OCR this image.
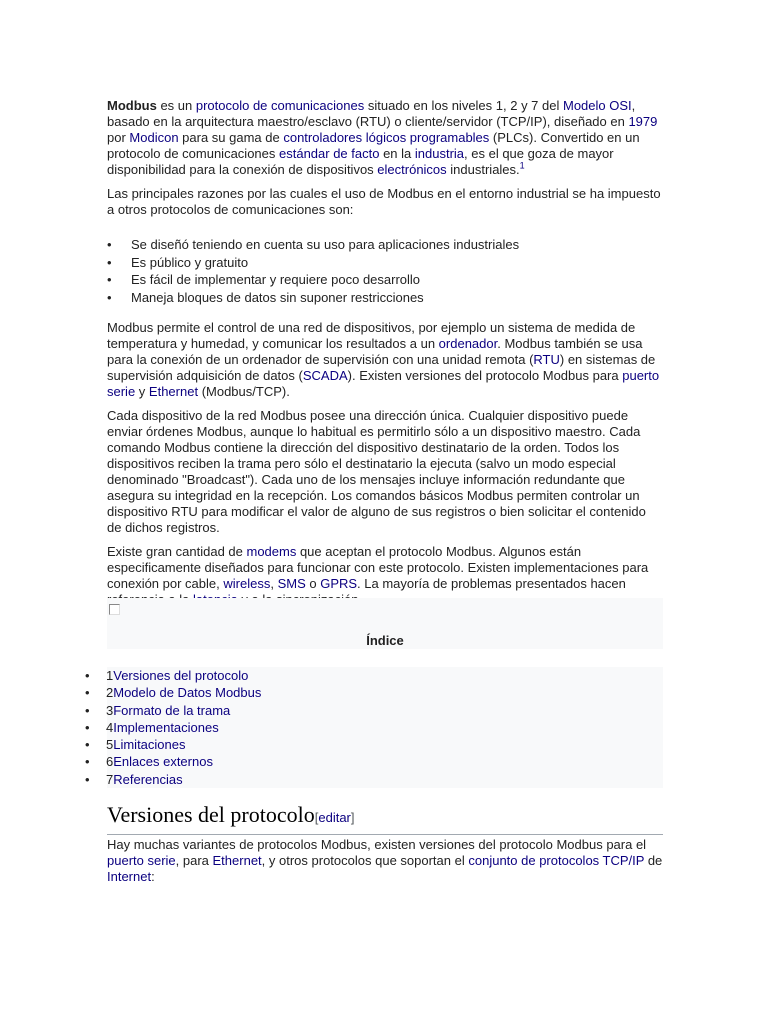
Modbus es un protocolo de comunicaciones situado en los niveles 1, 2 y 7 del Modelo OSI, basado en la arquitectura maestro/esclavo (RTU) o cliente/servidor (TCP/IP), diseñado en 1979 por Modicon para su gama de controladores lógicos programables (PLCs). Convertido en un protocolo de comunicaciones estándar de facto en la industria, es el que goza de mayor disponibilidad para la conexión de dispositivos electrónicos industriales.$^1$

Las principales razones por las cuales el uso de Modbus en el entorno industrial se ha impuesto a otros protocolos de comunicaciones son:

• Se diseñó teniendo en cuenta su uso para aplicaciones industriales
• Es público y gratuito
• Es fácil de implementar y requiere poco desarrollo
• Maneja bloques de datos sin suponer restricciones

Modbus permite el control de una red de dispositivos, por ejemplo un sistema de medida de temperatura y humedad, y comunicar los resultados a un ordenador. Modbus también se usa para la conexión de un ordenador de supervisión con una unidad remota (RTU) en sistemas de supervisión adquisición de datos (SCADA). Existen versiones del protocolo Modbus para puerto serie y Ethernet (Modbus/TCP).

Cada dispositivo de la red Modbus posee una dirección única. Cualquier dispositivo puede enviar órdenes Modbus, aunque lo habitual es permitirlo sólo a un dispositivo maestro. Cada comando Modbus contiene la dirección del dispositivo destinatario de la orden. Todos los dispositivos reciben la trama pero sólo el destinatario la ejecuta (salvo un modo especial denominado "Broadcast"). Cada uno de los mensajes incluye información redundante que asegura su integridad en la recepción. Los comandos básicos Modbus permiten controlar un dispositivo RTU para modificar el valor de alguno de sus registros o bien solicitar el contenido de dichos registros.

Existe gran cantidad de modems que aceptan el protocolo Modbus. Algunos están especificamente diseñados para funcionar con este protocolo. Existen implementaciones para conexión por cable, wireless, SMS o GPRS. La mayoría de problemas presentados hacen

Índice
• 1Versiones del protocolo
• 2Modelo de Datos Modbus
• 3Formato de la trama
• 4Implementaciones
• 5Limitaciones
• 6Enlaces externos
• 7Referencias
Versiones del protocolo[editar]

Hay muchas variantes de protocolos Modbus, existen versiones del protocolo Modbus para el puerto serie, para Ethernet, y otros protocolos que soportan el conjunto de protocolos TCP/IP de Internet:
